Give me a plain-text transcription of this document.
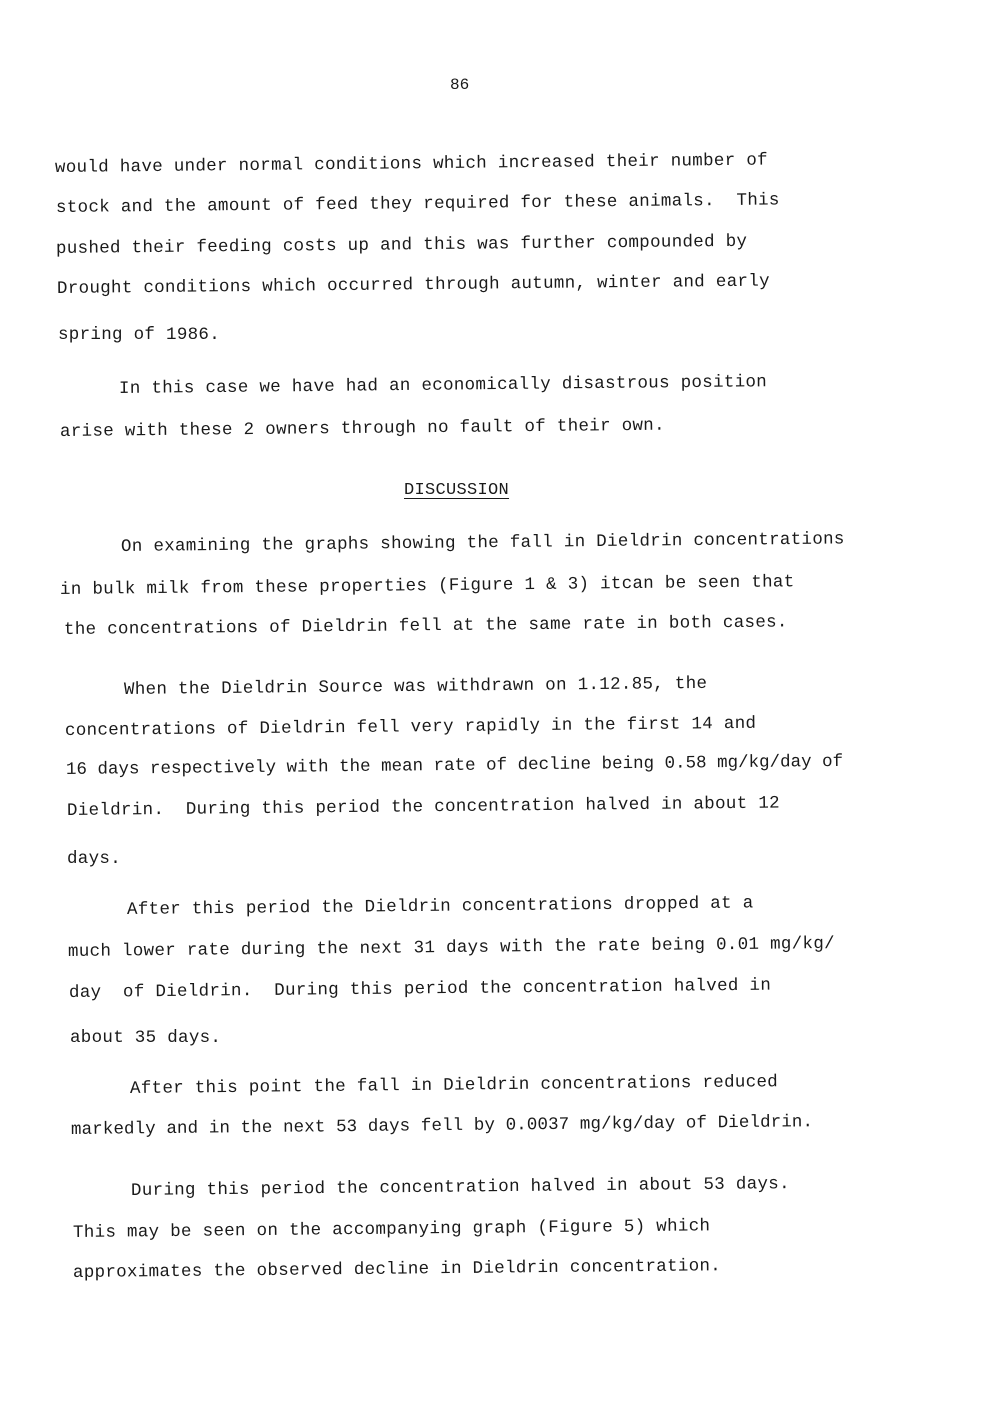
86
would have under normal conditions which increased their number of
stock and the amount of feed they required for these animals.  This
pushed their feeding costs up and this was further compounded by
Drought conditions which occurred through autumn, winter and early
spring of 1986.
In this case we have had an economically disastrous position
arise with these 2 owners through no fault of their own.
DISCUSSION
On examining the graphs showing the fall in Dieldrin concentrations
in bulk milk from these properties (Figure 1 & 3) itcan be seen that
the concentrations of Dieldrin fell at the same rate in both cases.
When the Dieldrin Source was withdrawn on 1.12.85, the
concentrations of Dieldrin fell very rapidly in the first 14 and
16 days respectively with the mean rate of decline being 0.58 mg/kg/day of
Dieldrin.  During this period the concentration halved in about 12
days.
After this period the Dieldrin concentrations dropped at a
much lower rate during the next 31 days with the rate being 0.01 mg/kg/
day  of Dieldrin.  During this period the concentration halved in
about 35 days.
After this point the fall in Dieldrin concentrations reduced
markedly and in the next 53 days fell by 0.0037 mg/kg/day of Dieldrin.
During this period the concentration halved in about 53 days.
This may be seen on the accompanying graph (Figure 5) which
approximates the observed decline in Dieldrin concentration.
